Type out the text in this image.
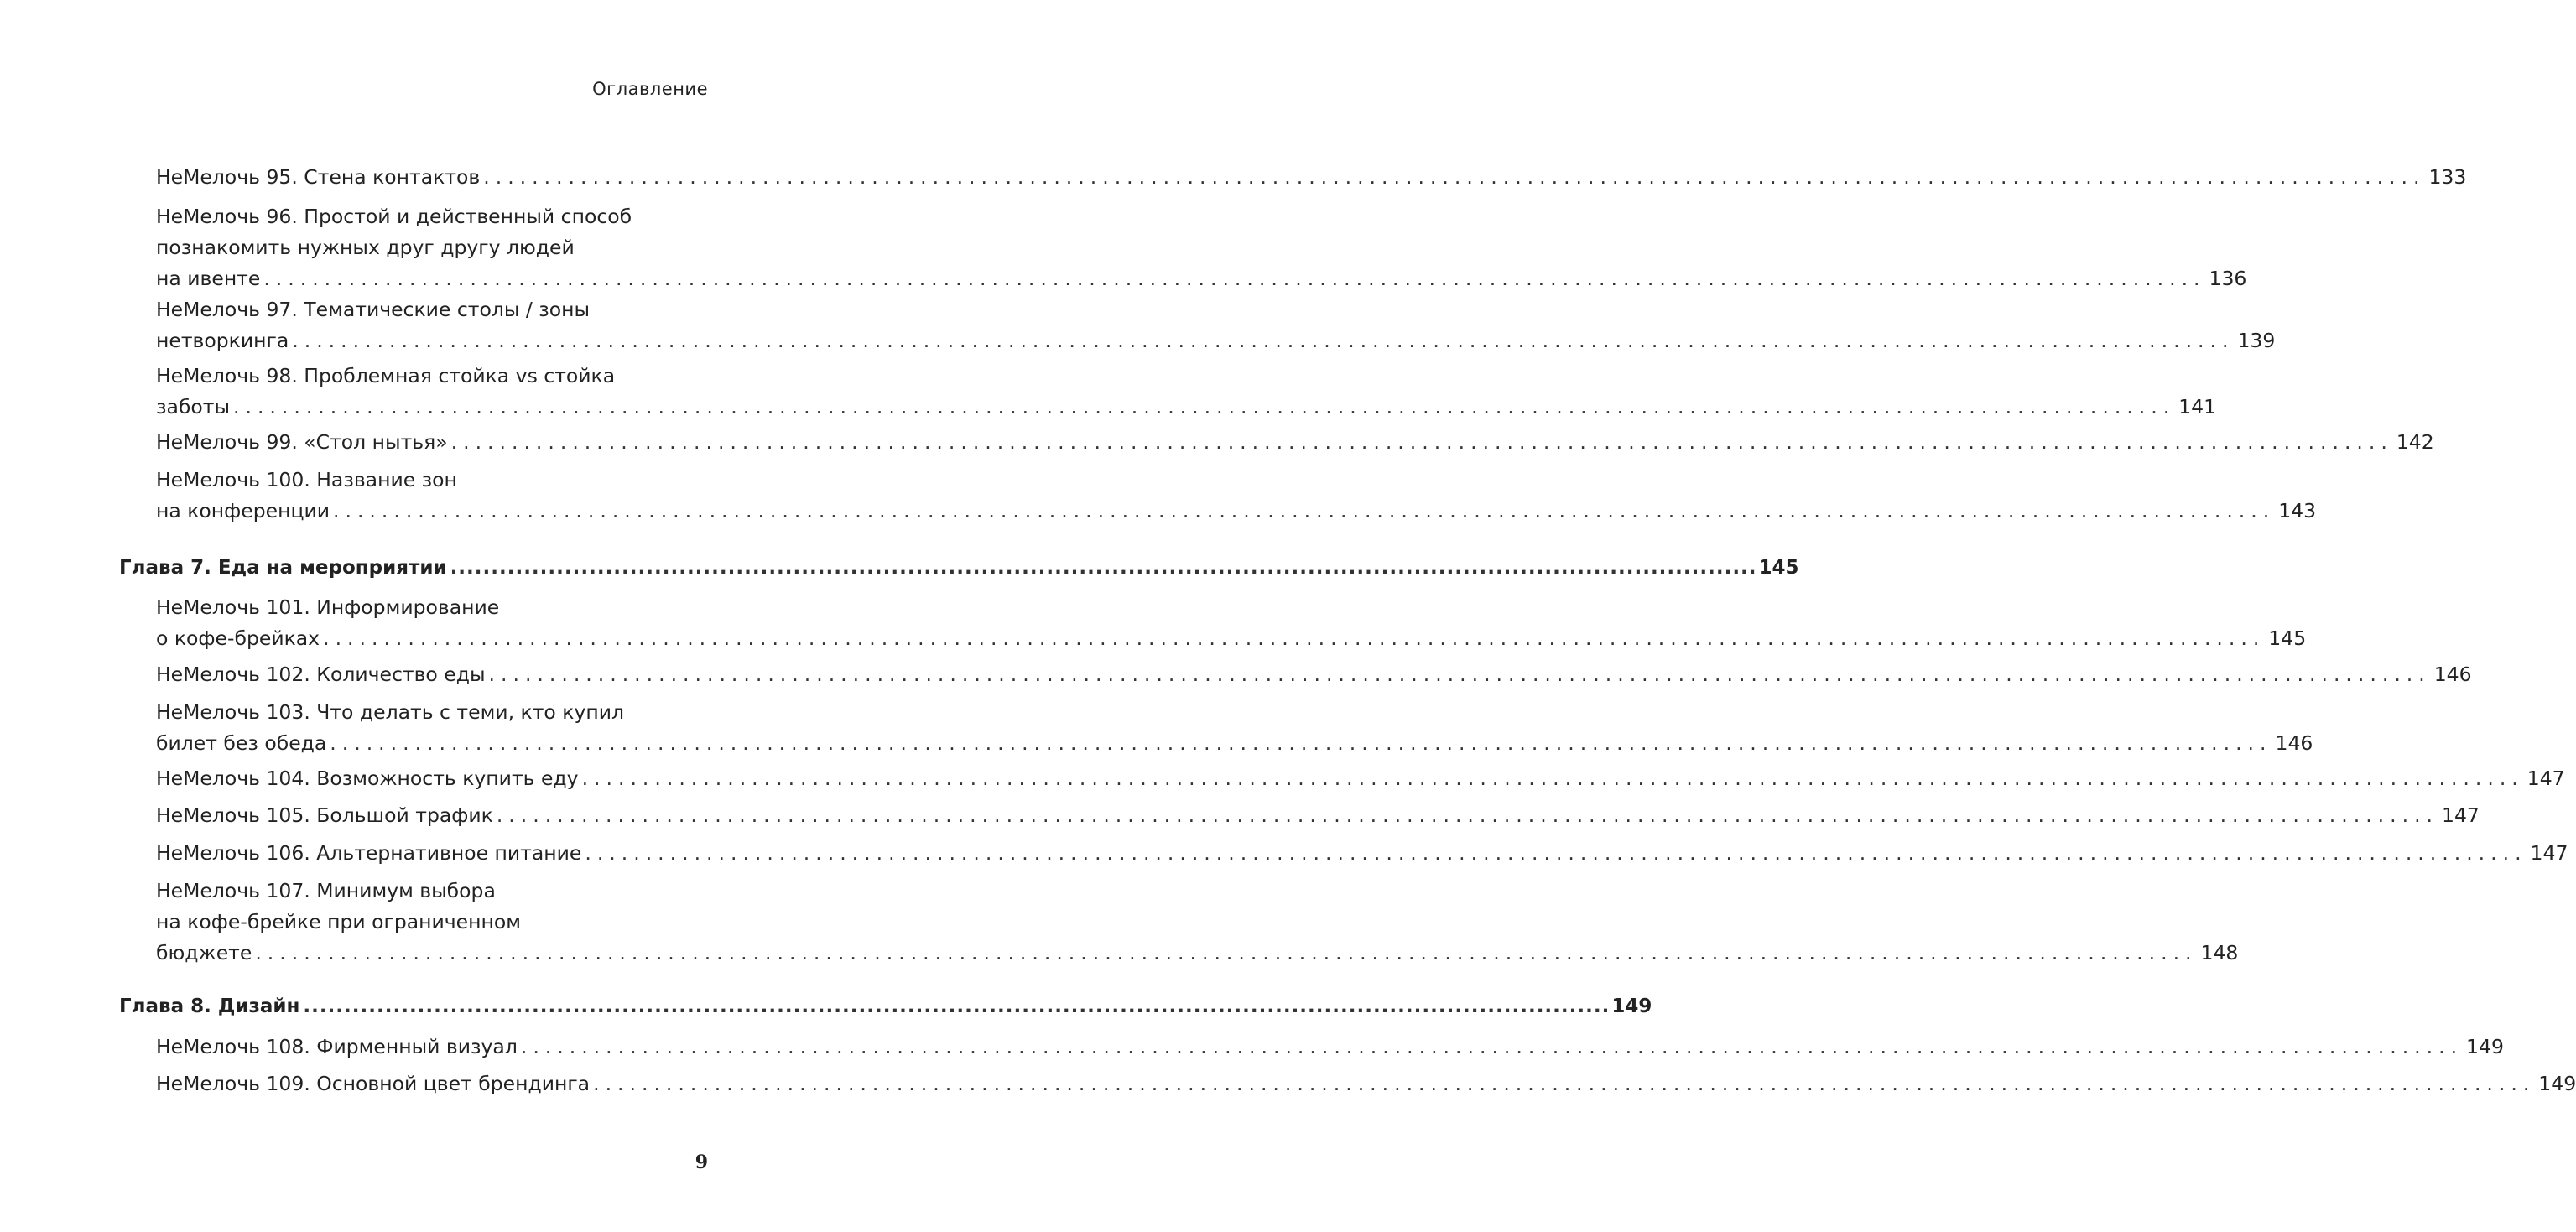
Оглавление
НеМелочь 95. Стена контактов ................................................................................................................................................................ 133
НеМелочь 96. Простой и действенный способ
познакомить нужных друг другу людей
на ивенте ................................................................................................................................................................ 136
НеМелочь 97. Тематические столы / зоны
нетворкинга ................................................................................................................................................................ 139
НеМелочь 98. Проблемная стойка vs стойка
заботы ................................................................................................................................................................ 141
НеМелочь 99. «Стол нытья» ................................................................................................................................................................ 142
НеМелочь 100. Название зон
на конференции ................................................................................................................................................................ 143
Глава 7. Еда на мероприятии ................................................................................................................................................................ 145
НеМелочь 101. Информирование
о кофе-брейках ................................................................................................................................................................ 145
НеМелочь 102. Количество еды ................................................................................................................................................................ 146
НеМелочь 103. Что делать с теми, кто купил
билет без обеда ................................................................................................................................................................ 146
НеМелочь 104. Возможность купить еду ................................................................................................................................................................ 147
НеМелочь 105. Большой трафик ................................................................................................................................................................ 147
НеМелочь 106. Альтернативное питание ................................................................................................................................................................ 147
НеМелочь 107. Минимум выбора
на кофе-брейке при ограниченном
бюджете ................................................................................................................................................................ 148
Глава 8. Дизайн ................................................................................................................................................................ 149
НеМелочь 108. Фирменный визуал ................................................................................................................................................................ 149
НеМелочь 109. Основной цвет брендинга ................................................................................................................................................................ 149
9
